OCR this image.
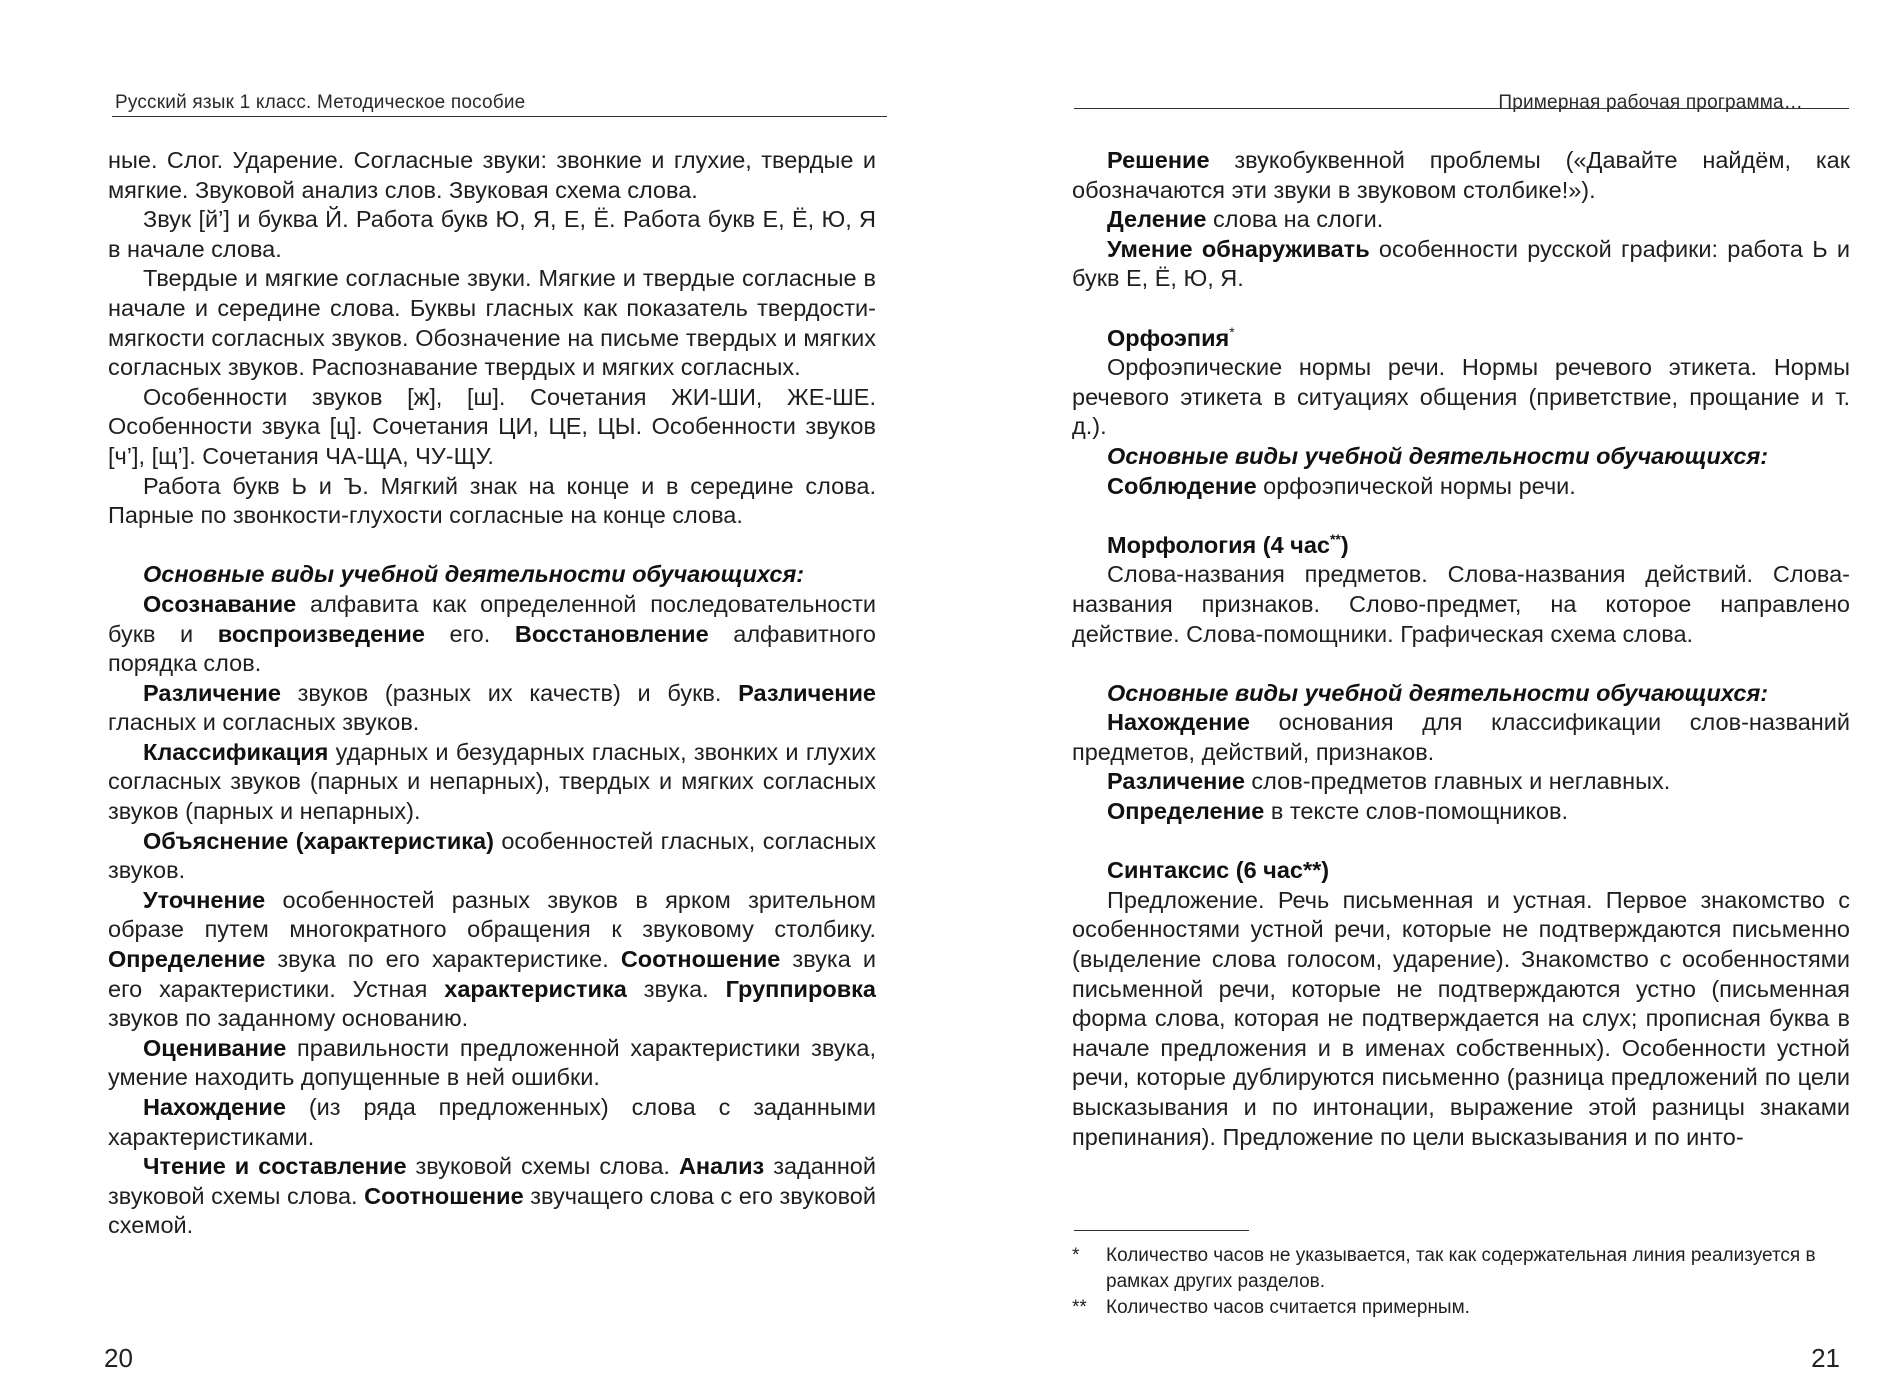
Русский язык 1 класс. Методическое пособие

ные. Слог. Ударение. Согласные звуки: звонкие и глухие, твердые и мягкие. Звуковой анализ слов. Звуковая схема слова.

Звук [й’] и буква Й. Работа букв Ю, Я, Е, Ё. Работа букв Е, Ё, Ю, Я в начале слова.

Твердые и мягкие согласные звуки. Мягкие и твердые согласные в начале и середине слова. Буквы гласных как показатель твердости-мягкости согласных звуков. Обозначение на письме твердых и мягких согласных звуков. Распознавание твердых и мягких согласных.

Особенности звуков [ж], [ш]. Сочетания ЖИ-ШИ, ЖЕ-ШЕ. Особенности звука [ц]. Сочетания ЦИ, ЦЕ, ЦЫ. Особенности звуков [ч’], [щ’]. Сочетания ЧА-ЩА, ЧУ-ЩУ.

Работа букв Ь и Ъ. Мягкий знак на конце и в середине слова. Парные по звонкости-глухости согласные на конце слова.

Основные виды учебной деятельности обучающихся:

Осознавание алфавита как определенной последовательности букв и воспроизведение его. Восстановление алфавитного порядка слов.

Различение звуков (разных их качеств) и букв. Различение гласных и согласных звуков.

Классификация ударных и безударных гласных, звонких и глухих согласных звуков (парных и непарных), твердых и мягких согласных звуков (парных и непарных).

Объяснение (характеристика) особенностей гласных, согласных звуков.

Уточнение особенностей разных звуков в ярком зрительном образе путем многократного обращения к звуковому столбику. Определение звука по его характеристике. Соотношение звука и его характеристики. Устная характеристика звука. Группировка звуков по заданному основанию.

Оценивание правильности предложенной характеристики звука, умение находить допущенные в ней ошибки.

Нахождение (из ряда предложенных) слова с заданными характеристиками.

Чтение и составление звуковой схемы слова. Анализ заданной звуковой схемы слова. Соотношение звучащего слова с его звуковой схемой.

20
Примерная рабочая программа…

Решение звукобуквенной проблемы («Давайте найдём, как обозначаются эти звуки в звуковом столбике!»).

Деление слова на слоги.

Умение обнаруживать особенности русской графики: работа Ь и букв Е, Ё, Ю, Я.

Орфоэпия*

Орфоэпические нормы речи. Нормы речевого этикета. Нормы речевого этикета в ситуациях общения (приветствие, прощание и т. д.).

Основные виды учебной деятельности обучающихся:

Соблюдение орфоэпической нормы речи.

Морфология (4 час**)

Слова-названия предметов. Слова-названия действий. Слова-названия признаков. Слово-предмет, на которое направлено действие. Слова-помощники. Графическая схема слова.

Основные виды учебной деятельности обучающихся:

Нахождение основания для классификации слов-названий предметов, действий, признаков.

Различение слов-предметов главных и неглавных.

Определение в тексте слов-помощников.

Синтаксис (6 час**)

Предложение. Речь письменная и устная. Первое знакомство с особенностями устной речи, которые не подтверждаются письменно (выделение слова голосом, ударение). Знакомство с особенностями письменной речи, которые не подтверждаются устно (письменная форма слова, которая не подтверждается на слух; прописная буква в начале предложения и в именах собственных). Особенности устной речи, которые дублируются письменно (разница предложений по цели высказывания и по интонации, выражение этой разницы знаками препинания). Предложение по цели высказывания и по инто-

*	Количество часов не указывается, так как содержательная линия реализуется в рамках других разделов.
**	Количество часов считается примерным.
21
